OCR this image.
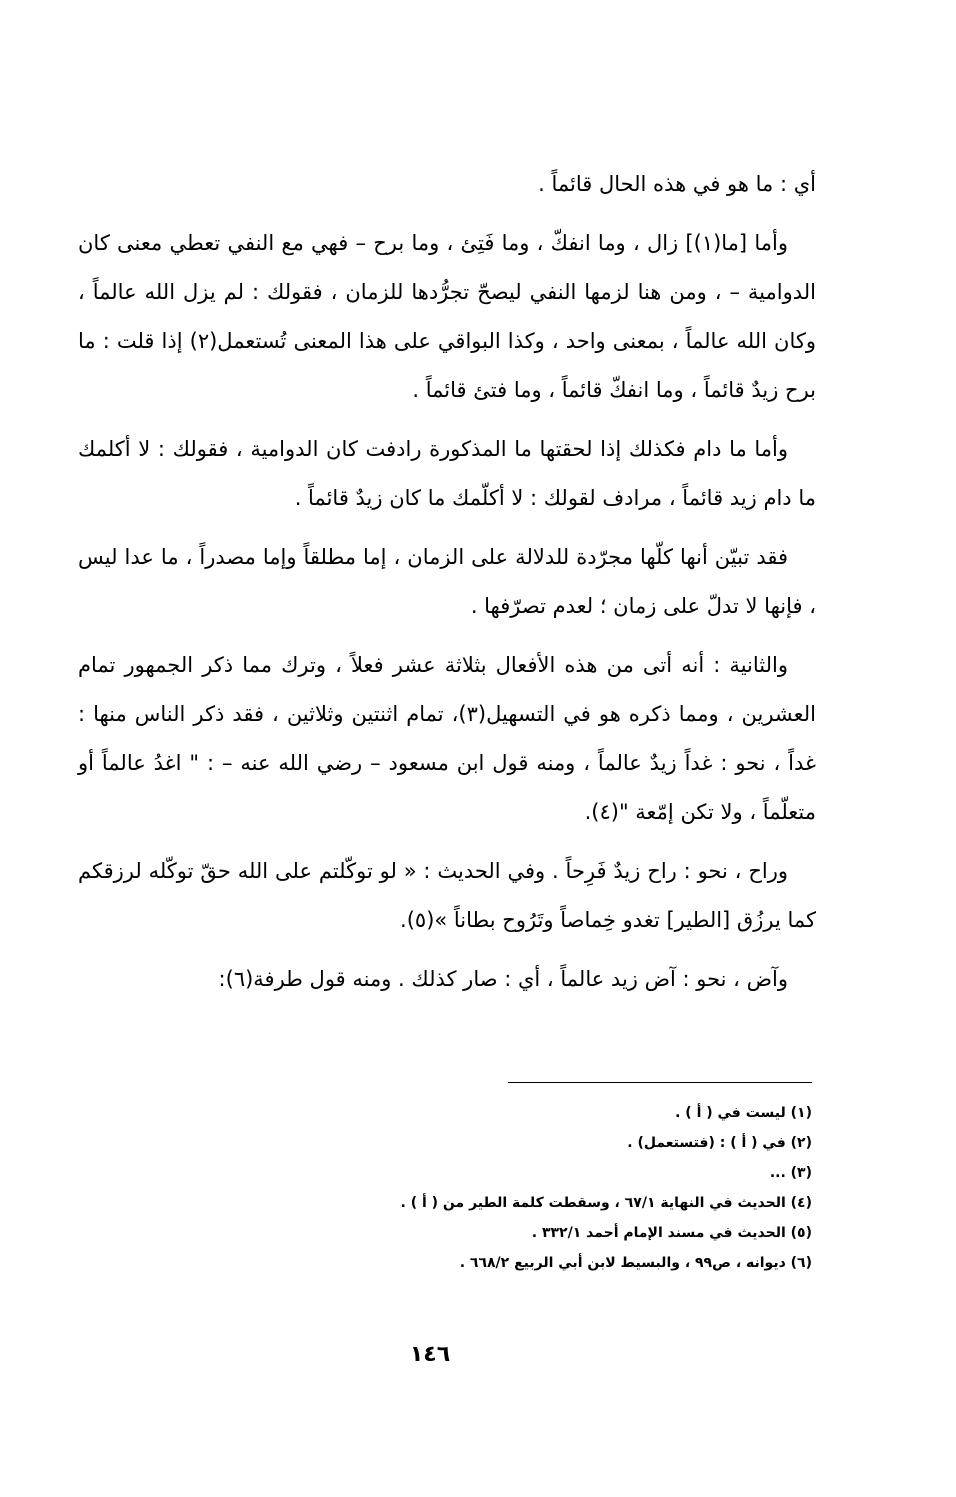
أي : ما هو في هذه الحال قائماً .

وأما [ما(١)] زال ، وما انفكّ ، وما فَتِئ ، وما برح – فهي مع النفي تعطي معنى كان الدوامية – ، ومن هنا لزمها النفي ليصحّ تجرُّدها للزمان ، فقولك : لم يزل الله عالماً ، وكان الله عالماً ، بمعنى واحد ، وكذا البواقي على هذا المعنى تُستعمل(٢) إذا قلت : ما برح زيدٌ قائماً ، وما انفكّ قائماً ، وما فتئ قائماً .

وأما ما دام فكذلك إذا لحقتها ما المذكورة رادفت كان الدوامية ، فقولك : لا أكلمك ما دام زيد قائماً ، مرادف لقولك : لا أكلّمك ما كان زيدٌ قائماً .

فقد تبيّن أنها كلّها مجرّدة للدلالة على الزمان ، إما مطلقاً وإما مصدراً ، ما عدا ليس ، فإنها لا تدلّ على زمان ؛ لعدم تصرّفها .

والثانية : أنه أتى من هذه الأفعال بثلاثة عشر فعلاً ، وترك مما ذكر الجمهور تمام العشرين ، ومما ذكره هو في التسهيل(٣)، تمام اثنتين وثلاثين ، فقد ذكر الناس منها : غداً ، نحو : غداً زيدٌ عالماً ، ومنه قول ابن مسعود – رضي الله عنه – : " اغدُ عالماً أو متعلّماً ، ولا تكن إمّعة "(٤).

وراح ، نحو : راح زيدٌ فَرِحاً . وفي الحديث : « لو توكّلتم على الله حقّ توكّله لرزقكم كما يرزُق [الطير] تغدو خِماصاً وتَرُوح بطاناً »(٥).

وآض ، نحو : آض زيد عالماً ، أي : صار كذلك . ومنه قول طرفة(٦):

(١) ليست في ( أ ) .
(٢) في ( أ ) : (فتستعمل) .
(٣) ...
(٤) الحديث في النهاية ٦٧/١ ، وسقطت كلمة الطير من ( أ ) .
(٥) الحديث في مسند الإمام أحمد ٣٣٢/١ .
(٦) ديوانه ، ص٩٩ ، والبسيط لابن أبي الربيع ٦٦٨/٢ .
١٤٦
